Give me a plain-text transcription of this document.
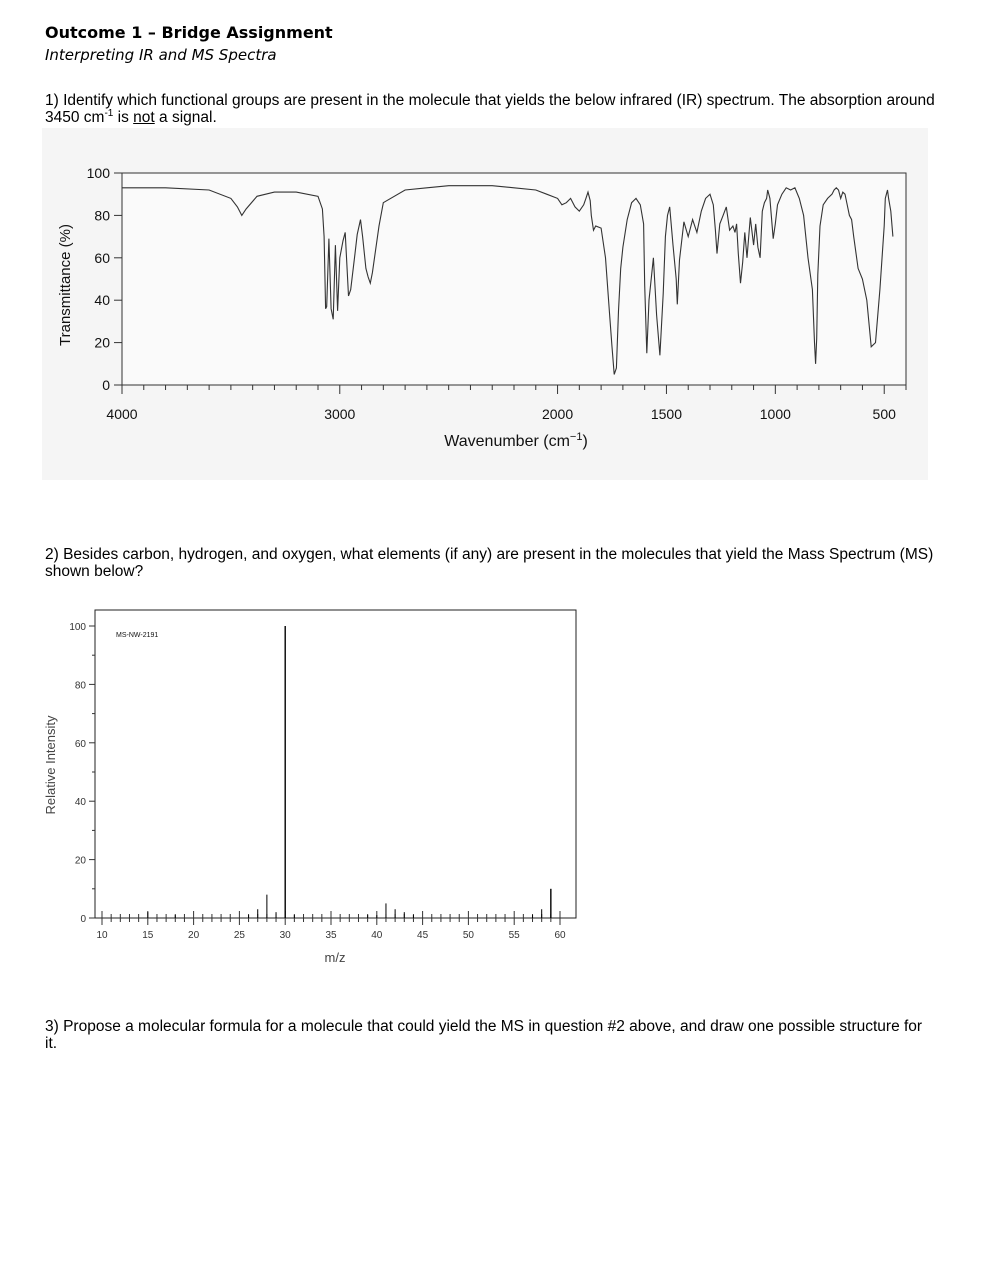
Outcome 1 – Bridge Assignment
Interpreting IR and MS Spectra
1) Identify which functional groups are present in the molecule that yields the below infrared (IR) spectrum. The absorption around 3450 $cm^{-1}$ is not a signal.
0
20
40
60
80
100
4000	3000	2000	1500	1000	500
Transmittance (%)
Wavenumber $(cm^{-1})$
2) Besides carbon, hydrogen, and oxygen, what elements (if any) are present in the molecules that yield the Mass Spectrum (MS) shown below?
MS-NW-2191
0
20
40
60
80
100
10	15	20	25	30	35	40	45	50	55	60
Relative Intensity
m/z
3) Propose a molecular formula for a molecule that could yield the MS in question #2 above, and draw one possible structure for it.
